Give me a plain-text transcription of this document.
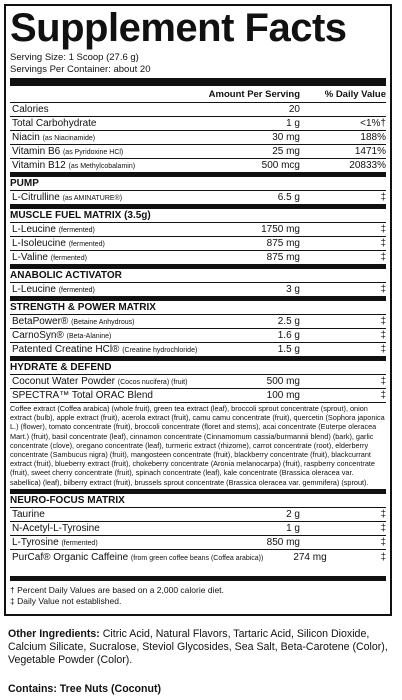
Supplement Facts
Serving Size: 1 Scoop (27.6 g)
Servings Per Container: about 20
Amount Per Serving	% Daily Value
Calories	20
Total Carbohydrate	1 g	<1%†
Niacin (as Niacinamide)	30 mg	188%
Vitamin B6 (as Pyridoxine HCl)	25 mg	1471%
Vitamin B12 (as Methylcobalamin)	500 mcg	20833%
PUMP
L-Citrulline (as AMINATURE®)	6.5 g	‡
MUSCLE FUEL MATRIX (3.5g)
L-Leucine (fermented)	1750 mg	‡
L-Isoleucine (fermented)	875 mg	‡
L-Valine (fermented)	875 mg	‡
ANABOLIC ACTIVATOR
L-Leucine (fermented)	3 g	‡
STRENGTH & POWER MATRIX
BetaPower® (Betaine Anhydrous)	2.5 g	‡
CarnoSyn® (Beta-Alanine)	1.6 g	‡
Patented Creatine HCl® (Creatine hydrochloride)	1.5 g	‡
HYDRATE & DEFEND
Coconut Water Powder (Cocos nucifera) (fruit)	500 mg	‡
SPECTRA™ Total ORAC Blend	100 mg	‡
Coffee extract (Coffea arabica) (whole fruit), green tea extract (leaf), broccoli sprout concentrate (sprout), onion extract (bulb), apple extract (fruit), acerola extract (fruit), camu camu concentrate (fruit), quercetin (Sophora japonica L.) (flower), tomato concentrate (fruit), broccoli concentrate (floret and stems), acai concentrate (Euterpe oleracea Mart.) (fruit), basil concentrate (leaf), cinnamon concentrate (Cinnamomum cassia/burmannii blend) (bark), garlic concentrate (clove), oregano concentrate (leaf), turmeric extract (rhizome), carrot concentrate (root), elderberry concentrate (Sambucus nigra) (fruit), mangosteen concentrate (fruit), blackberry concentrate (fruit), blackcurrant extract (fruit), blueberry extract (fruit), chokeberry concentrate (Aronia melanocarpa) (fruit), raspberry concentrate (fruit), sweet cherry concentrate (fruit), spinach concentrate (leaf), kale concentrate (Brassica oleracea var. sabellica) (leaf), bilberry extract (fruit), brussels sprout concentrate (Brassica oleracea var. gemmifera) (sprout).
NEURO-FOCUS MATRIX
Taurine	2 g	‡
N-Acetyl-L-Tyrosine	1 g	‡
L-Tyrosine (fermented)	850 mg	‡
PurCaf® Organic Caffeine (from green coffee beans (Coffea arabica))	274 mg	‡
† Percent Daily Values are based on a 2,000 calorie diet.
‡ Daily Value not established.
Other Ingredients: Citric Acid, Natural Flavors, Tartaric Acid, Silicon Dioxide, Calcium Silicate, Sucralose, Steviol Glycosides, Sea Salt, Beta-Carotene (Color), Vegetable Powder (Color).
Contains: Tree Nuts (Coconut)
